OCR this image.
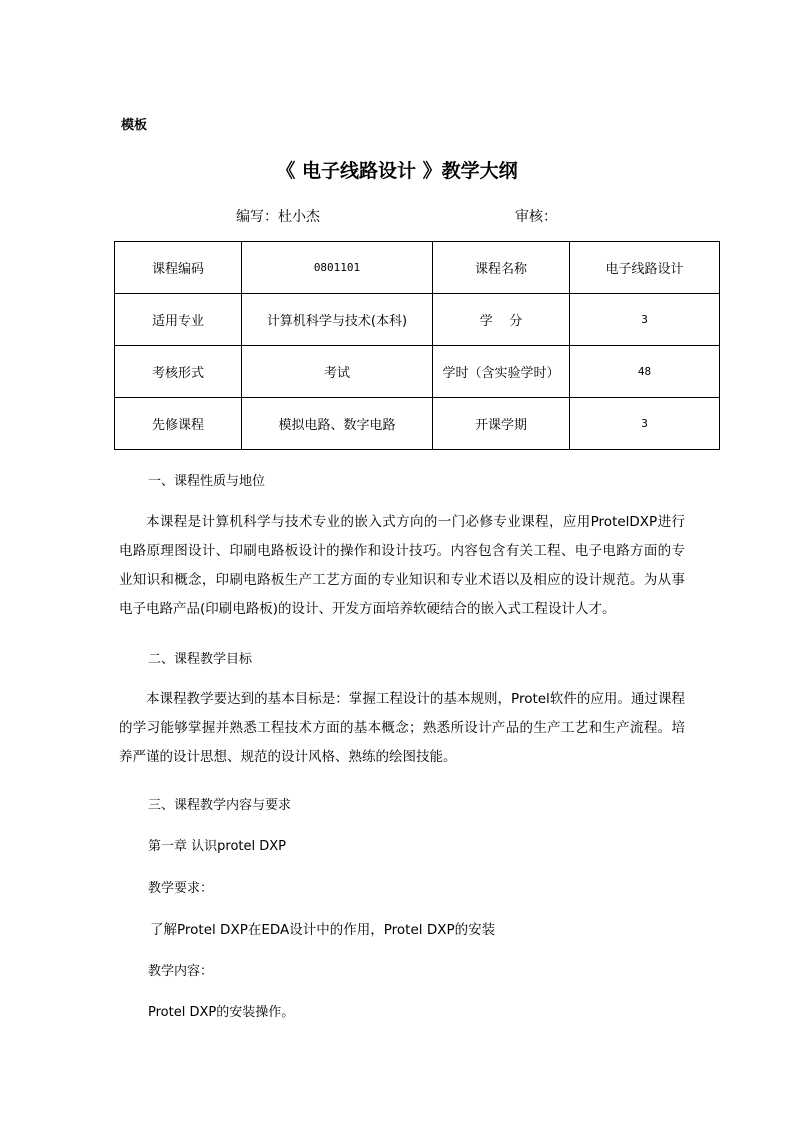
模板
《 电子线路设计 》教学大纲
编写：杜小杰	审核：
课程编码	0801101	课程名称	电子线路设计
适用专业	计算机科学与技术(本科)	学    分	3
考核形式	考试	学时（含实验学时）	48
先修课程	模拟电路、数字电路	开课学期	3
一、课程性质与地位
本课程是计算机科学与技术专业的嵌入式方向的一门必修专业课程，应用ProtelDXP进行电路原理图设计、印刷电路板设计的操作和设计技巧。内容包含有关工程、电子电路方面的专业知识和概念，印刷电路板生产工艺方面的专业知识和专业术语以及相应的设计规范。为从事电子电路产品(印刷电路板)的设计、开发方面培养软硬结合的嵌入式工程设计人才。
二、课程教学目标
本课程教学要达到的基本目标是：掌握工程设计的基本规则，Protel软件的应用。通过课程的学习能够掌握并熟悉工程技术方面的基本概念；熟悉所设计产品的生产工艺和生产流程。培养严谨的设计思想、规范的设计风格、熟练的绘图技能。
三、课程教学内容与要求
第一章 认识protel DXP
教学要求：
了解Protel DXP在EDA设计中的作用，Protel DXP的安装
教学内容：
Protel DXP的安装操作。
